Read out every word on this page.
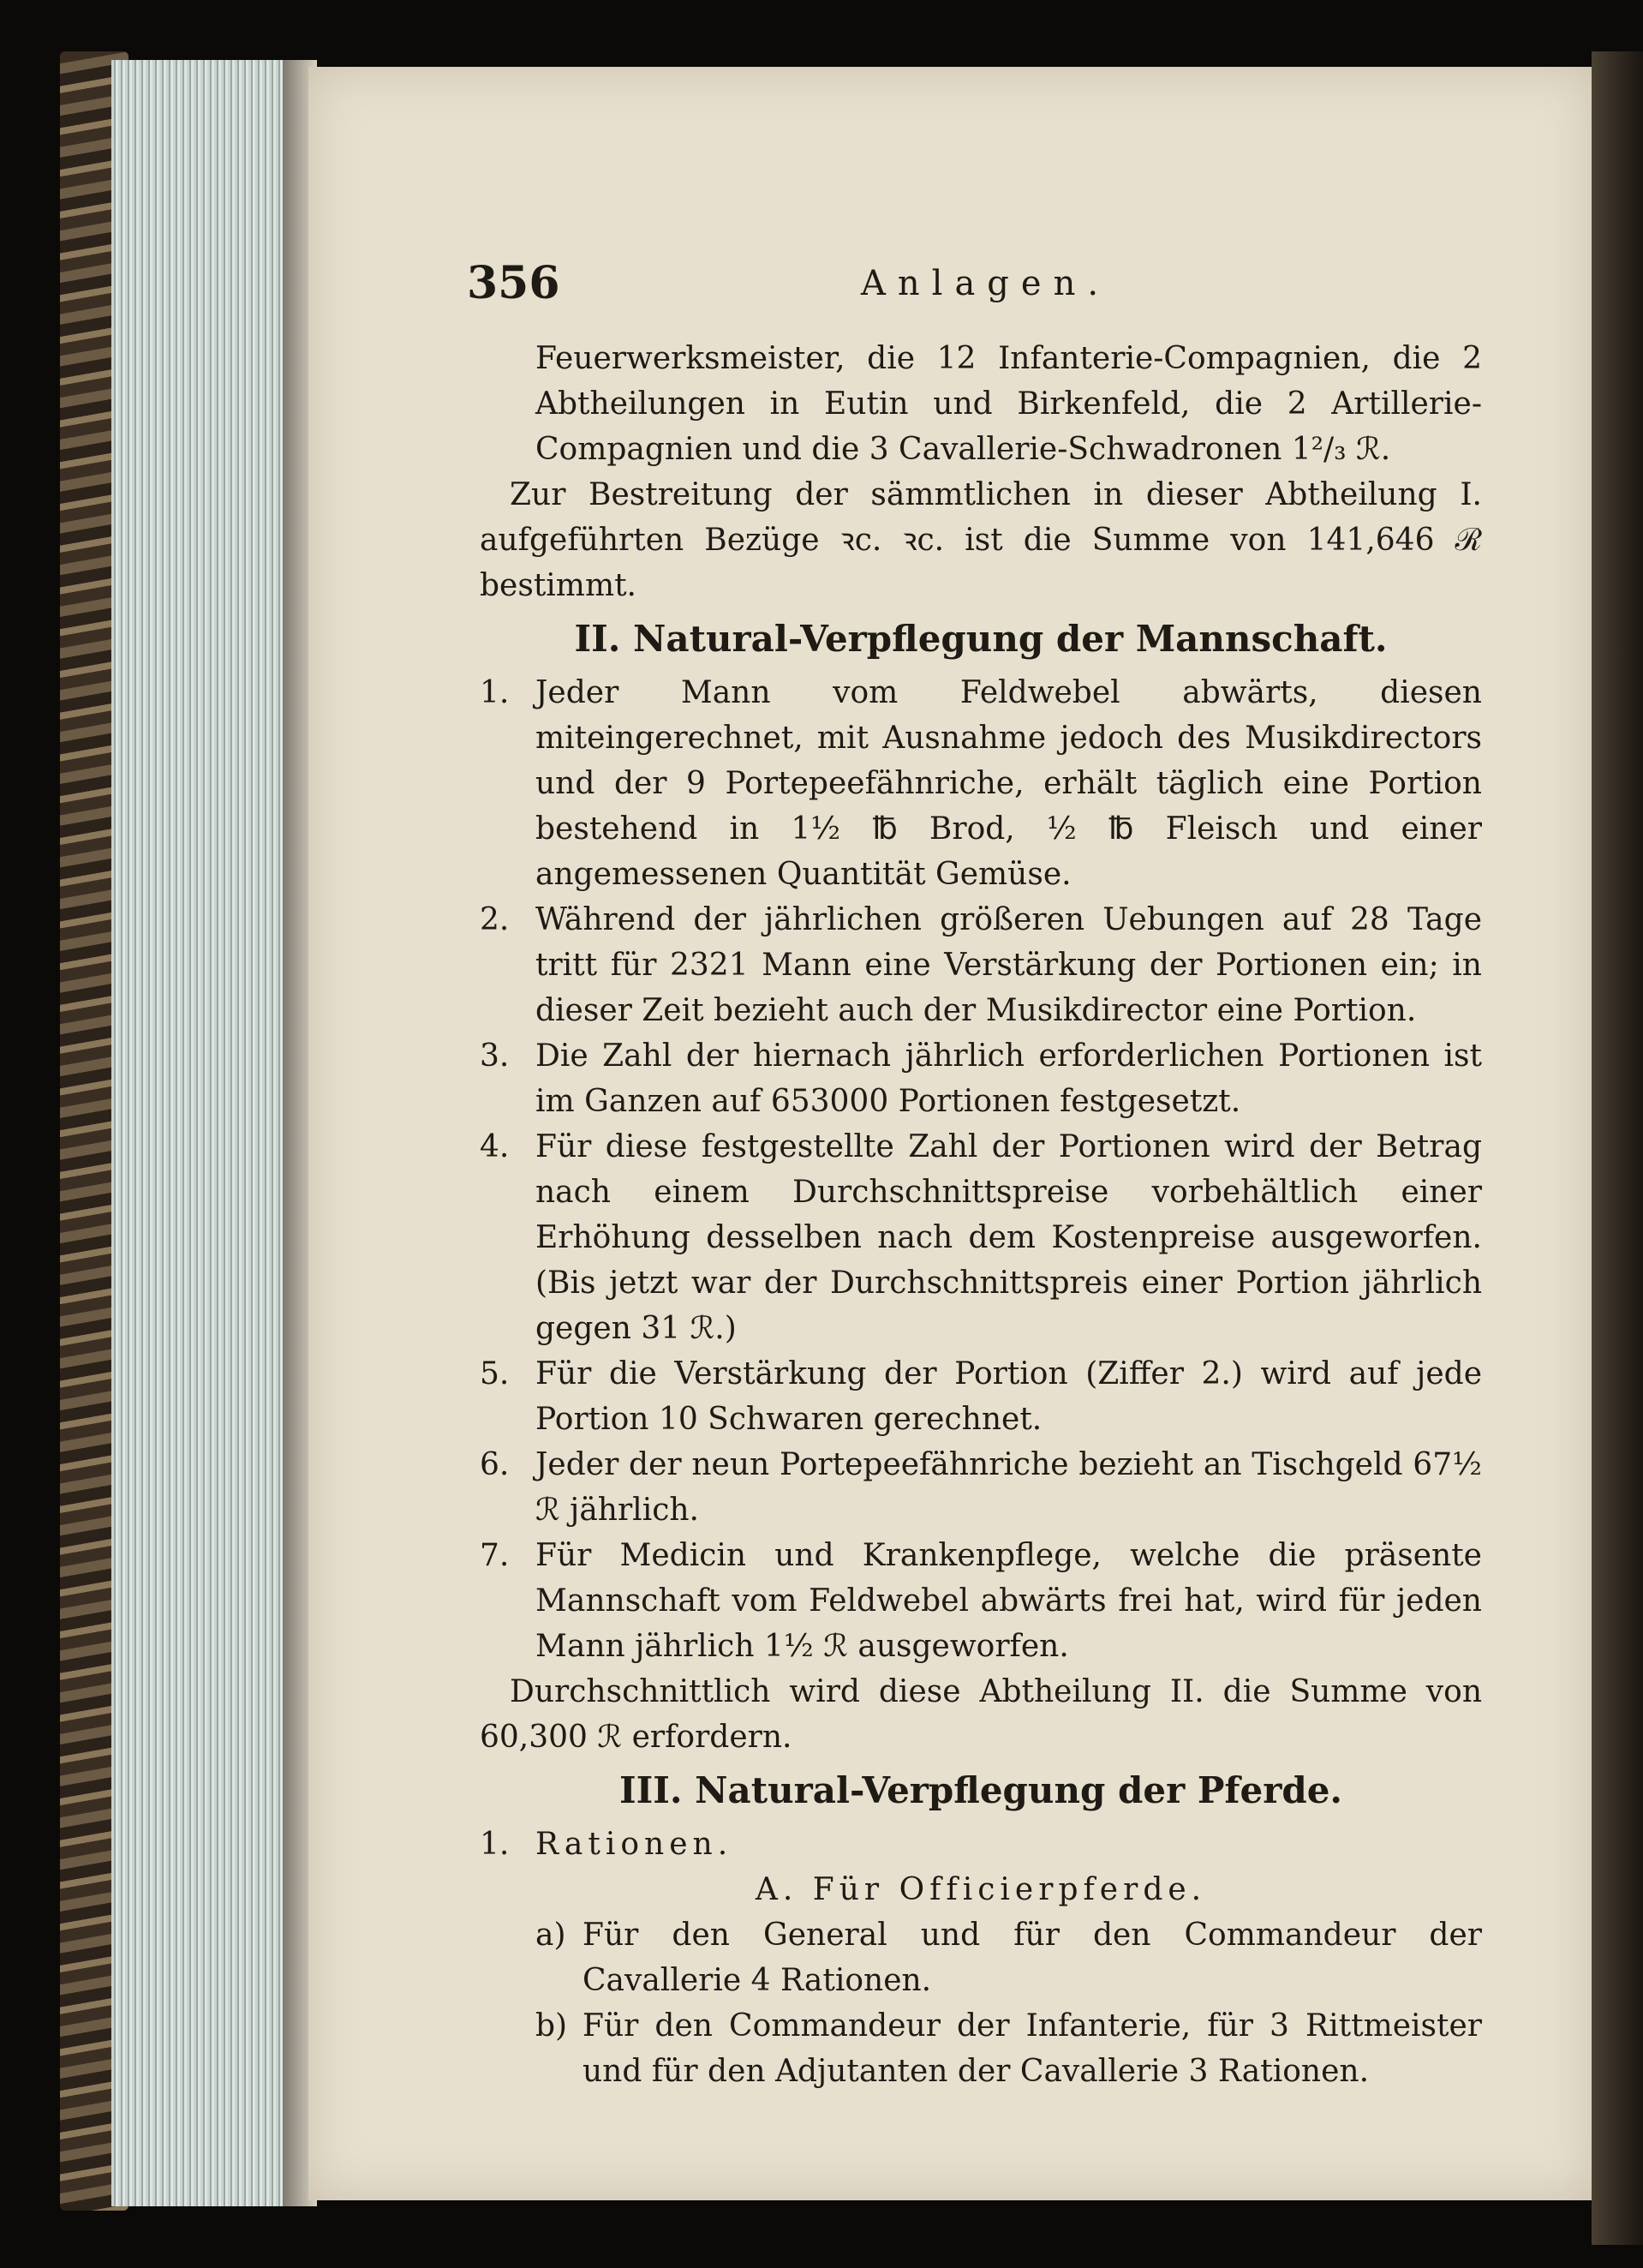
356	Anlagen.

Feuerwerksmeister, die 12 Infanterie-Compagnien, die 2 Abtheilungen in Eutin und Birkenfeld, die 2 Artillerie-Compagnien und die 3 Cavallerie-Schwadronen 1²/₃ ℛ.

Zur Bestreitung der sämmtlichen in dieser Abtheilung I. aufgeführten Bezüge ꝛc. ꝛc. ist die Summe von 141,646 ℛ bestimmt.

II. Natural-Verpflegung der Mannschaft.

1. Jeder Mann vom Feldwebel abwärts, diesen miteingerechnet, mit Ausnahme jedoch des Musikdirectors und der 9 Portepeefähnriche, erhält täglich eine Portion bestehend in 1½ ℔ Brod, ½ ℔ Fleisch und einer angemessenen Quantität Gemüse.
2. Während der jährlichen größeren Uebungen auf 28 Tage tritt für 2321 Mann eine Verstärkung der Portionen ein; in dieser Zeit bezieht auch der Musikdirector eine Portion.
3. Die Zahl der hiernach jährlich erforderlichen Portionen ist im Ganzen auf 653000 Portionen festgesetzt.
4. Für diese festgestellte Zahl der Portionen wird der Betrag nach einem Durchschnittspreise vorbehältlich einer Erhöhung desselben nach dem Kostenpreise ausgeworfen. (Bis jetzt war der Durchschnittspreis einer Portion jährlich gegen 31 ℛ.)
5. Für die Verstärkung der Portion (Ziffer 2.) wird auf jede Portion 10 Schwaren gerechnet.
6. Jeder der neun Portepeefähnriche bezieht an Tischgeld 67½ ℛ jährlich.
7. Für Medicin und Krankenpflege, welche die präsente Mannschaft vom Feldwebel abwärts frei hat, wird für jeden Mann jährlich 1½ ℛ ausgeworfen.

Durchschnittlich wird diese Abtheilung II. die Summe von 60,300 ℛ erfordern.

III. Natural-Verpflegung der Pferde.

1. Rationen.

A. Für Officierpferde.

a) Für den General und für den Commandeur der Cavallerie 4 Rationen.
b) Für den Commandeur der Infanterie, für 3 Rittmeister und für den Adjutanten der Cavallerie 3 Rationen.
